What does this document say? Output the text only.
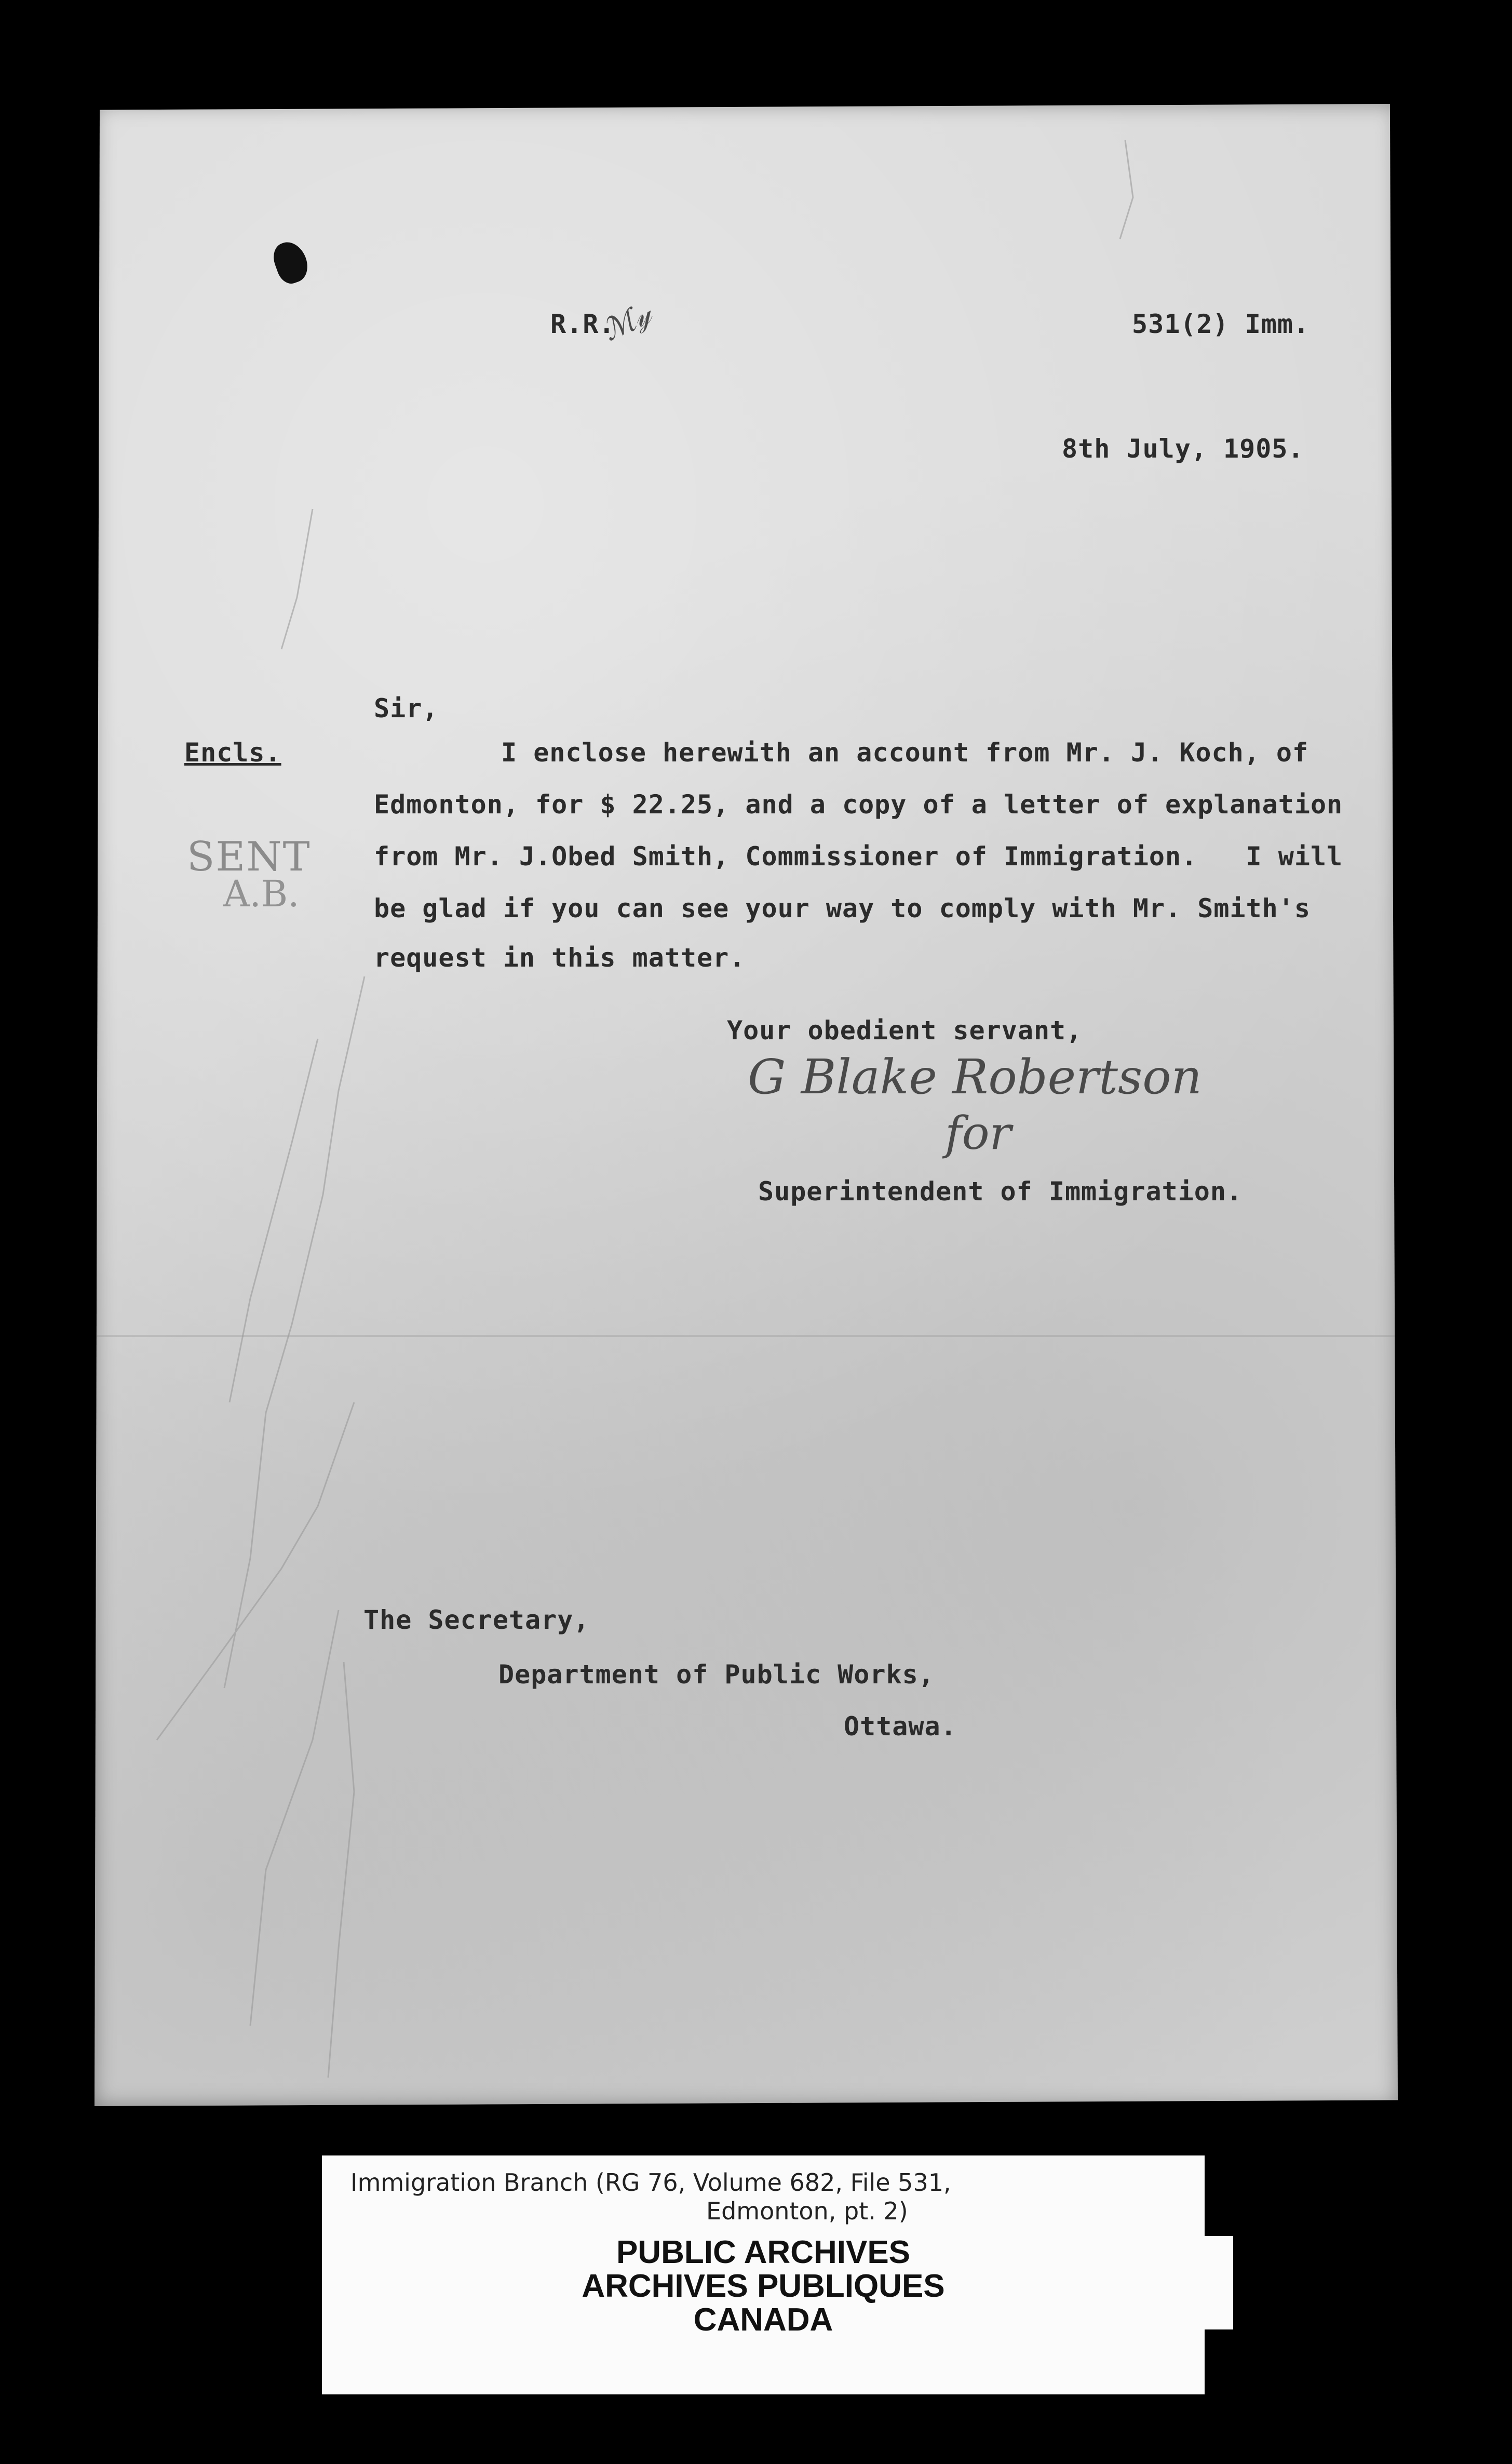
R.R.
ℳ𝓎	531(2) Imm.
8th July, 1905.
Sir,
Encls.
SENT
A.B.
I enclose herewith an account from Mr. J. Koch, of
Edmonton, for $ 22.25, and a copy of a letter of explanation
from Mr. J.Obed Smith, Commissioner of Immigration.   I will
be glad if you can see your way to comply with Mr. Smith's
request in this matter.
Your obedient servant,
G Blake Robertson
for
Superintendent of Immigration.
The Secretary,
Department of Public Works,
Ottawa.
Immigration Branch (RG 76, Volume 682, File 531,
Edmonton, pt. 2)
PUBLIC ARCHIVES
ARCHIVES PUBLIQUES
CANADA
